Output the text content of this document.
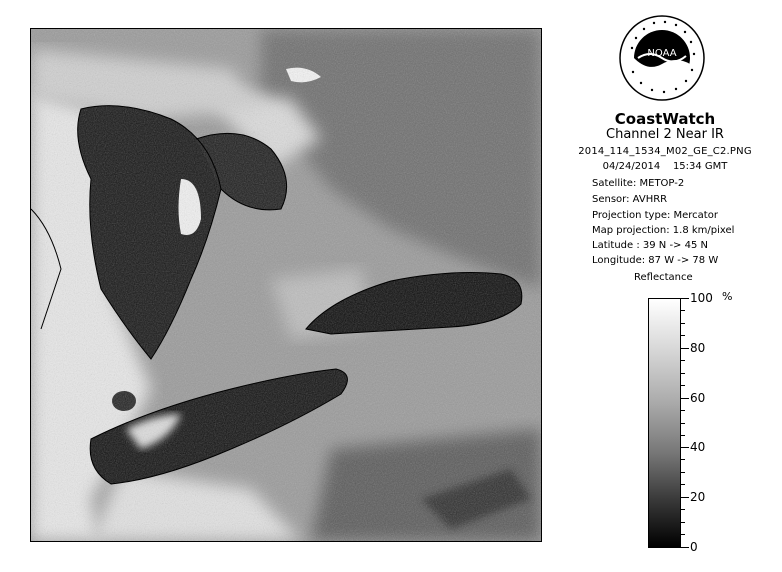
NOAA
CoastWatch
Channel 2 Near IR
2014_114_1534_M02_GE_C2.PNG
04/24/2014 15:34 GMT
Satellite: METOP-2
Sensor: AVHRR
Projection type: Mercator
Map projection: 1.8 km/pixel
Latitude : 39 N -> 45 N
Longitude: 87 W -> 78 W
Reflectance
%
100
80
60
40
20
0
